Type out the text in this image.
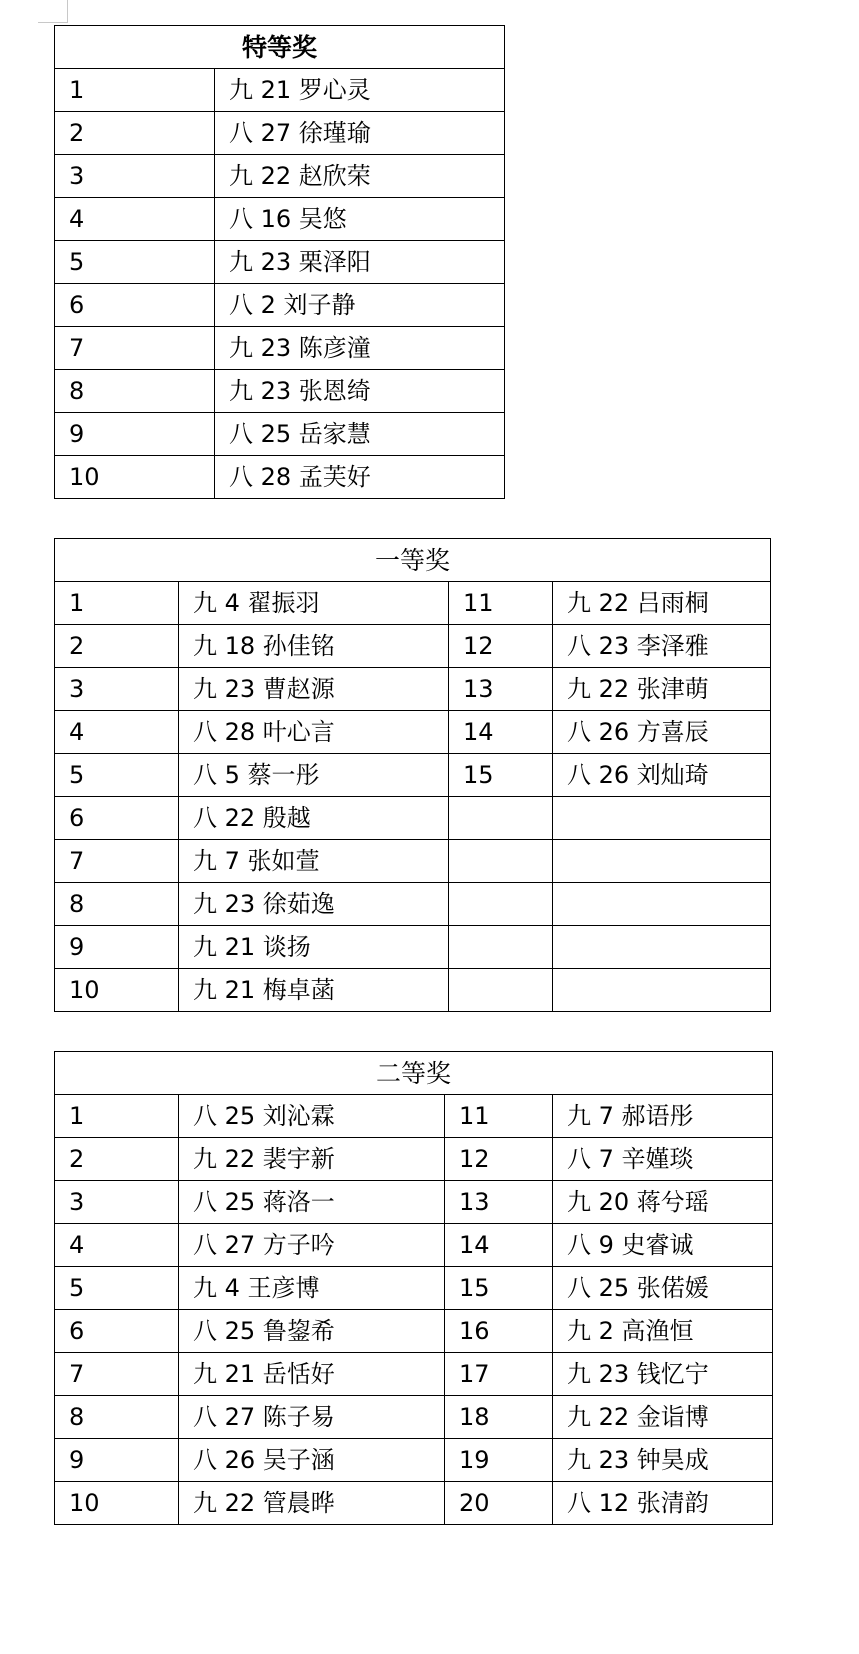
特等奖	
1	九 21 罗心灵
2	八 27 徐瑾瑜
3	九 22 赵欣荣
4	八 16 吴悠
5	九 23 栗泽阳
6	八 2 刘子静
7	九 23 陈彦潼
8	九 23 张恩绮
9	八 25 岳家慧
10	八 28 孟芙好
一等奖			
1	九 4 翟振羽	11	九 22 吕雨桐
2	九 18 孙佳铭	12	八 23 李泽雅
3	九 23 曹赵源	13	九 22 张津萌
4	八 28 叶心言	14	八 26 方喜辰
5	八 5 蔡一彤	15	八 26 刘灿琦
6	八 22 殷越		
7	九 7 张如萱		
8	九 23 徐茹逸		
9	九 21 谈扬		
10	九 21 梅卓菡		
二等奖			
1	八 25 刘沁霖	11	九 7 郝语彤
2	九 22 裴宇新	12	八 7 辛嫤琰
3	八 25 蒋洛一	13	九 20 蒋兮瑶
4	八 27 方子吟	14	八 9 史睿诚
5	九 4 王彦博	15	八 25 张偌媛
6	八 25 鲁鋆希	16	九 2 高渔恒
7	九 21 岳恬好	17	九 23 钱忆宁
8	八 27 陈子易	18	九 22 金诣博
9	八 26 吴子涵	19	九 23 钟昊成
10	九 22 管晨晔	20	八 12 张清韵
